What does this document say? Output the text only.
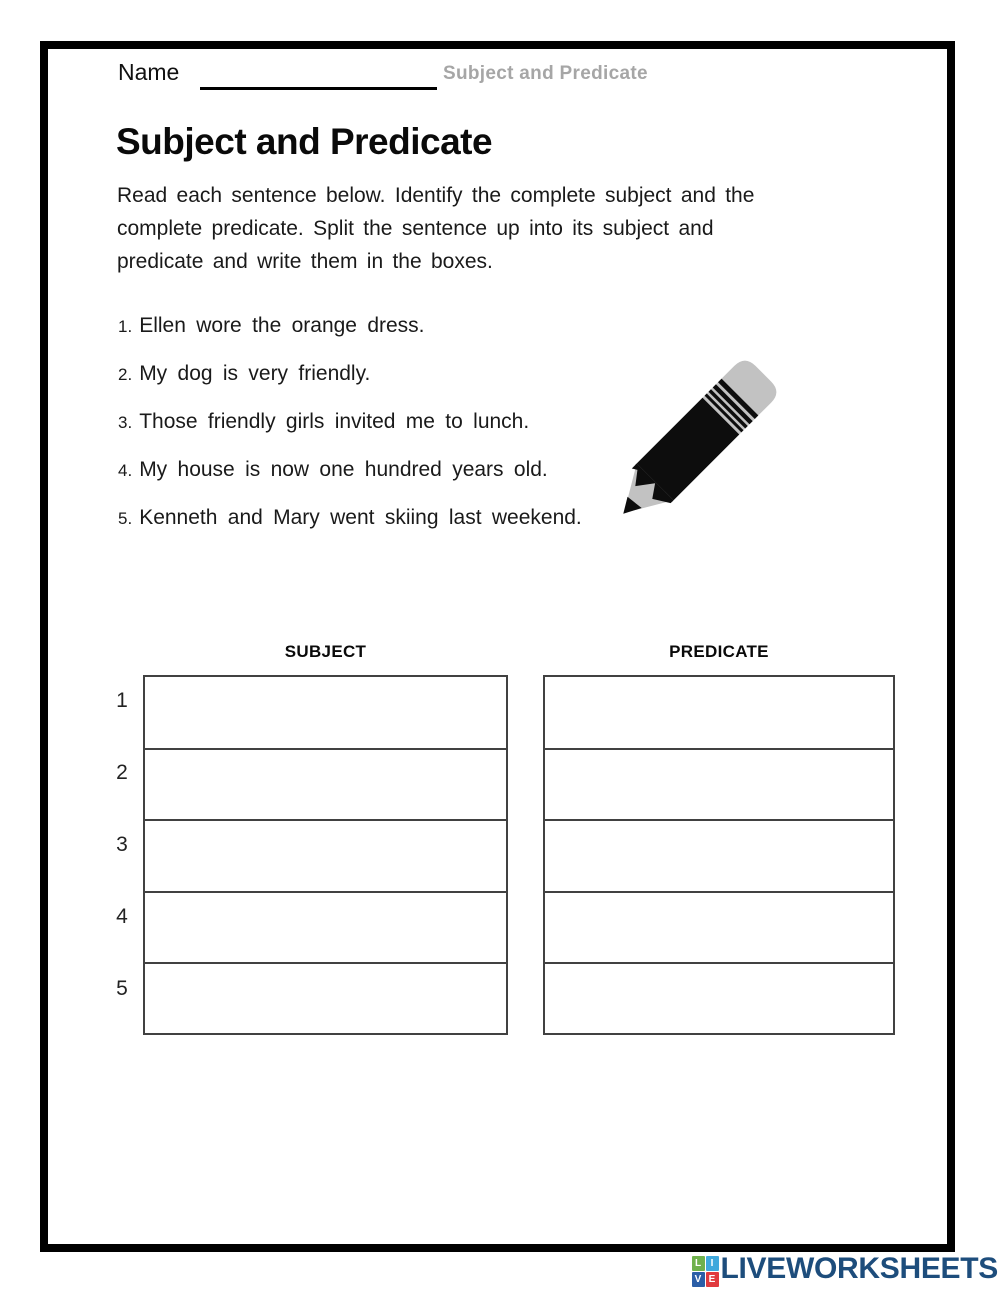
Name	Subject and Predicate
Subject and Predicate
Read each sentence below. Identify the complete subject and the
complete predicate. Split the sentence up into its subject and
predicate and write them in the boxes.
1. Ellen wore the orange dress.
2. My dog is very friendly.
3. Those friendly girls invited me to lunch.
4. My house is now one hundred years old.
5. Kenneth and Mary went skiing last weekend.
SUBJECT	PREDICATE
1
2
3
4
5
L I
V E LIVEWORKSHEETS
